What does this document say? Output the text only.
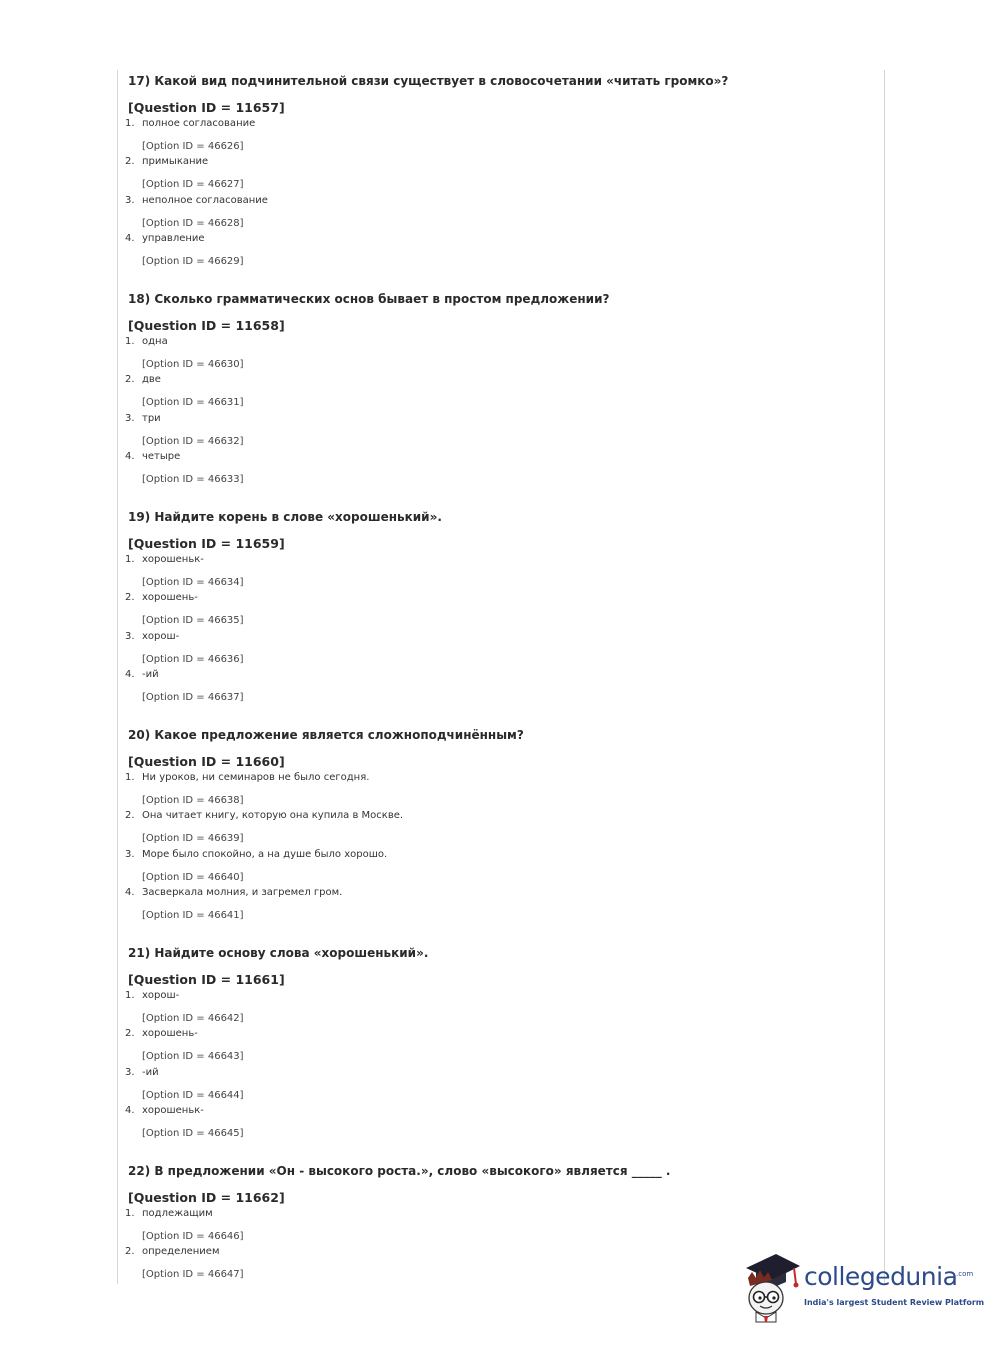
17) Какой вид подчинительной связи существует в словосочетании «читать громко»?
[Question ID = 11657]
1. полное согласование
[Option ID = 46626]
2. примыкание
[Option ID = 46627]
3. неполное согласование
[Option ID = 46628]
4. управление
[Option ID = 46629]
18) Сколько грамматических основ бывает в простом предложении?
[Question ID = 11658]
1. одна
[Option ID = 46630]
2. две
[Option ID = 46631]
3. три
[Option ID = 46632]
4. четыре
[Option ID = 46633]
19) Найдите корень в слове «хорошенький».
[Question ID = 11659]
1. хорошеньк-
[Option ID = 46634]
2. хорошень-
[Option ID = 46635]
3. хорош-
[Option ID = 46636]
4. -ий
[Option ID = 46637]
20) Какое предложение является сложноподчинённым?
[Question ID = 11660]
1. Ни уроков, ни семинаров не было сегодня.
[Option ID = 46638]
2. Она читает книгу, которую она купила в Москве.
[Option ID = 46639]
3. Море было спокойно, а на душе было хорошо.
[Option ID = 46640]
4. Засверкала молния, и загремел гром.
[Option ID = 46641]
21) Найдите основу слова «хорошенький».
[Question ID = 11661]
1. хорош-
[Option ID = 46642]
2. хорошень-
[Option ID = 46643]
3. -ий
[Option ID = 46644]
4. хорошеньк-
[Option ID = 46645]
22) В предложении «Он - высокого роста.», слово «высокого» является _____ .
[Question ID = 11662]
1. подлежащим
[Option ID = 46646]
2. определением
[Option ID = 46647]	collegedunia
.com
India's largest Student Review Platform
